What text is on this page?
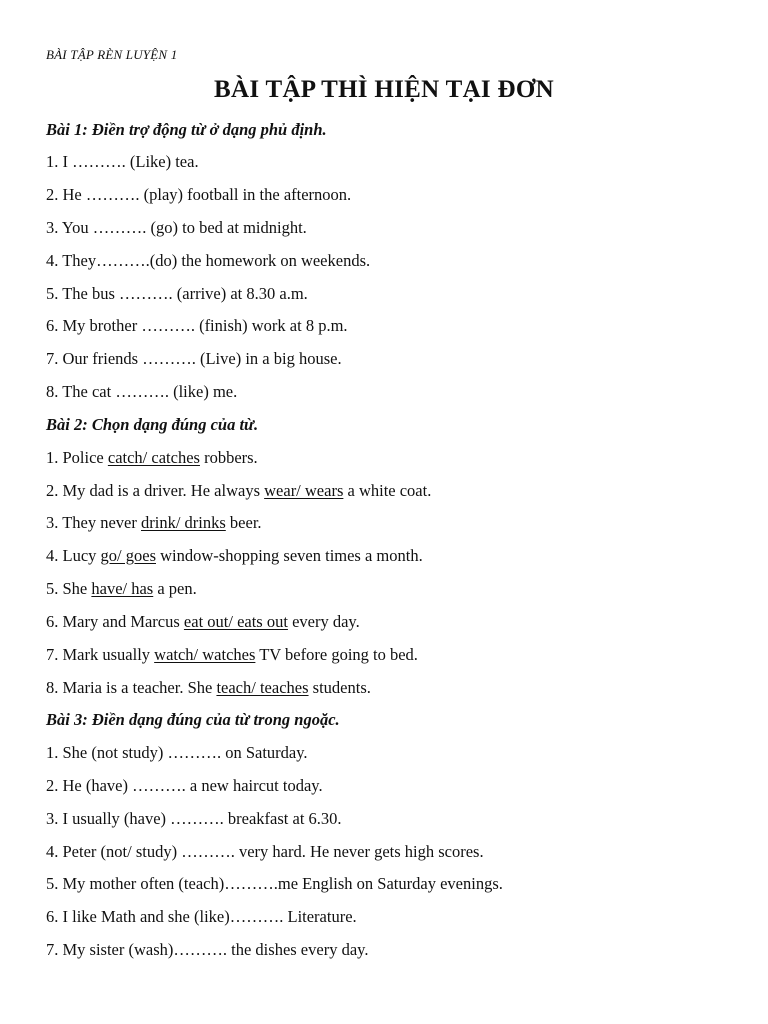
BÀI TẬP RÈN LUYỆN 1
BÀI TẬP THÌ HIỆN TẠI ĐƠN
Bài 1: Điền trợ động từ ở dạng phủ định.
1. I ………. (Like) tea.
2. He ………. (play) football in the afternoon.
3. You ………. (go) to bed at midnight.
4. They……….(do) the homework on weekends.
5. The bus ………. (arrive) at 8.30 a.m.
6. My brother ………. (finish) work at 8 p.m.
7. Our friends ………. (Live) in a big house.
8. The cat ………. (like) me.
Bài 2: Chọn dạng đúng của từ.
1. Police catch/ catches robbers.
2. My dad is a driver. He always wear/ wears a white coat.
3. They never drink/ drinks beer.
4. Lucy go/ goes window-shopping seven times a month.
5. She have/ has a pen.
6. Mary and Marcus eat out/ eats out every day.
7. Mark usually watch/ watches TV before going to bed.
8. Maria is a teacher. She teach/ teaches students.
Bài 3: Điền dạng đúng của từ trong ngoặc.
1. She (not study) ………. on Saturday.
2. He (have) ………. a new haircut today.
3. I usually (have) ………. breakfast at 6.30.
4. Peter (not/ study) ………. very hard. He never gets high scores.
5. My mother often (teach)……….me English on Saturday evenings.
6. I like Math and she (like)………. Literature.
7. My sister (wash)………. the dishes every day.
